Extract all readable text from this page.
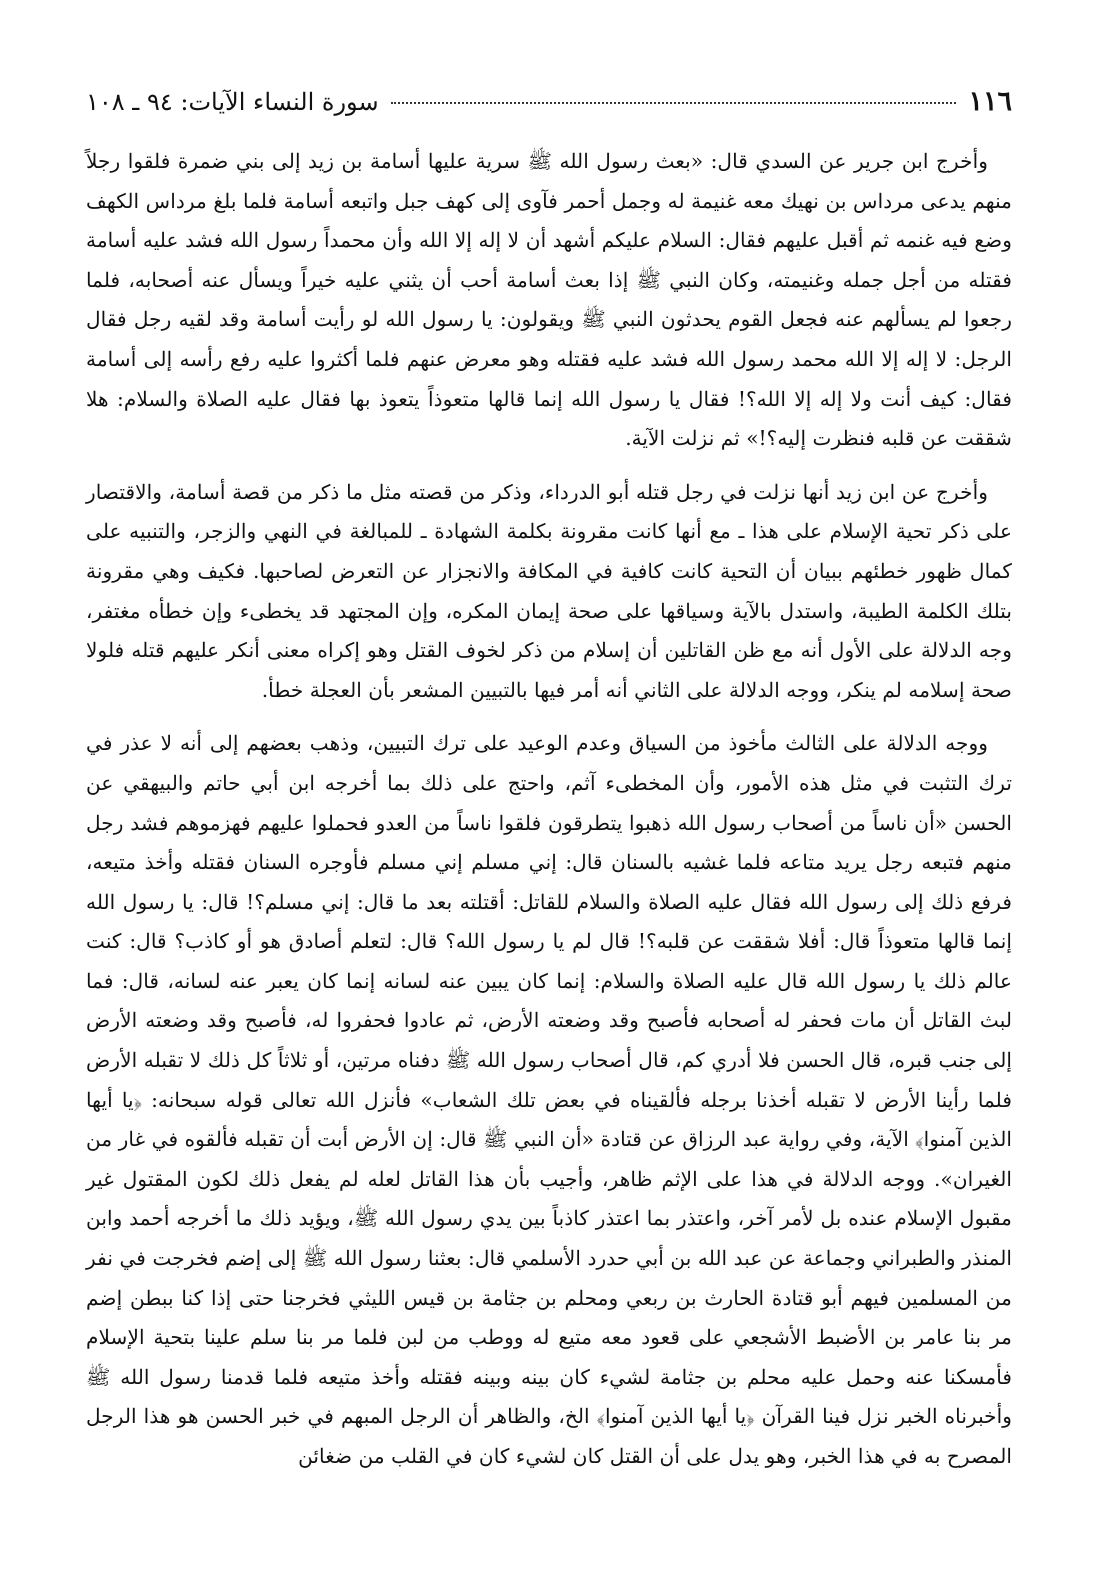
١١٦
سورة النساء الآيات: ٩٤ ـ ١٠٨

وأخرج ابن جرير عن السدي قال: «بعث رسول الله ﷺ سرية عليها أسامة بن زيد إلى بني ضمرة فلقوا رجلاً منهم يدعى مرداس بن نهيك معه غنيمة له وجمل أحمر فآوى إلى كهف جبل واتبعه أسامة فلما بلغ مرداس الكهف وضع فيه غنمه ثم أقبل عليهم فقال: السلام عليكم أشهد أن لا إله إلا الله وأن محمداً رسول الله فشد عليه أسامة فقتله من أجل جمله وغنيمته، وكان النبي ﷺ إذا بعث أسامة أحب أن يثني عليه خيراً ويسأل عنه أصحابه، فلما رجعوا لم يسألهم عنه فجعل القوم يحدثون النبي ﷺ ويقولون: يا رسول الله لو رأيت أسامة وقد لقيه رجل فقال الرجل: لا إله إلا الله محمد رسول الله فشد عليه فقتله وهو معرض عنهم فلما أكثروا عليه رفع رأسه إلى أسامة فقال: كيف أنت ولا إله إلا الله؟! فقال يا رسول الله إنما قالها متعوذاً يتعوذ بها فقال عليه الصلاة والسلام: هلا شققت عن قلبه فنظرت إليه؟!» ثم نزلت الآية.

وأخرج عن ابن زيد أنها نزلت في رجل قتله أبو الدرداء، وذكر من قصته مثل ما ذكر من قصة أسامة، والاقتصار على ذكر تحية الإسلام على هذا ـ مع أنها كانت مقرونة بكلمة الشهادة ـ للمبالغة في النهي والزجر، والتنبيه على كمال ظهور خطئهم ببيان أن التحية كانت كافية في المكافة والانجزار عن التعرض لصاحبها. فكيف وهي مقرونة بتلك الكلمة الطيبة، واستدل بالآية وسياقها على صحة إيمان المكره، وإن المجتهد قد يخطىء وإن خطأه مغتفر، وجه الدلالة على الأول أنه مع ظن القاتلين أن إسلام من ذكر لخوف القتل وهو إكراه معنى أنكر عليهم قتله فلولا صحة إسلامه لم ينكر، ووجه الدلالة على الثاني أنه أمر فيها بالتبيين المشعر بأن العجلة خطأ.

ووجه الدلالة على الثالث مأخوذ من السياق وعدم الوعيد على ترك التبيين، وذهب بعضهم إلى أنه لا عذر في ترك التثبت في مثل هذه الأمور، وأن المخطىء آثم، واحتج على ذلك بما أخرجه ابن أبي حاتم والبيهقي عن الحسن «أن ناساً من أصحاب رسول الله ذهبوا يتطرقون فلقوا ناساً من العدو فحملوا عليهم فهزموهم فشد رجل منهم فتبعه رجل يريد متاعه فلما غشيه بالسنان قال: إني مسلم إني مسلم فأوجره السنان فقتله وأخذ متيعه، فرفع ذلك إلى رسول الله فقال عليه الصلاة والسلام للقاتل: أقتلته بعد ما قال: إني مسلم؟! قال: يا رسول الله إنما قالها متعوذاً قال: أفلا شققت عن قلبه؟! قال لم يا رسول الله؟ قال: لتعلم أصادق هو أو كاذب؟ قال: كنت عالم ذلك يا رسول الله قال عليه الصلاة والسلام: إنما كان يبين عنه لسانه إنما كان يعبر عنه لسانه، قال: فما لبث القاتل أن مات فحفر له أصحابه فأصبح وقد وضعته الأرض، ثم عادوا فحفروا له، فأصبح وقد وضعته الأرض إلى جنب قبره، قال الحسن فلا أدري كم، قال أصحاب رسول الله ﷺ دفناه مرتين، أو ثلاثاً كل ذلك لا تقبله الأرض فلما رأينا الأرض لا تقبله أخذنا برجله فألقيناه في بعض تلك الشعاب» فأنزل الله تعالى قوله سبحانه: ﴿يا أيها الذين آمنوا﴾ الآية، وفي رواية عبد الرزاق عن قتادة «أن النبي ﷺ قال: إن الأرض أبت أن تقبله فألقوه في غار من الغيران». ووجه الدلالة في هذا على الإثم ظاهر، وأجيب بأن هذا القاتل لعله لم يفعل ذلك لكون المقتول غير مقبول الإسلام عنده بل لأمر آخر، واعتذر بما اعتذر كاذباً بين يدي رسول الله ﷺ، ويؤيد ذلك ما أخرجه أحمد وابن المنذر والطبراني وجماعة عن عبد الله بن أبي حدرد الأسلمي قال: بعثنا رسول الله ﷺ إلى إضم فخرجت في نفر من المسلمين فيهم أبو قتادة الحارث بن ربعي ومحلم بن جثامة بن قيس الليثي فخرجنا حتى إذا كنا ببطن إضم مر بنا عامر بن الأضبط الأشجعي على قعود معه متيع له ووطب من لبن فلما مر بنا سلم علينا بتحية الإسلام فأمسكنا عنه وحمل عليه محلم بن جثامة لشيء كان بينه وبينه فقتله وأخذ متيعه فلما قدمنا رسول الله ﷺ وأخبرناه الخبر نزل فينا القرآن ﴿يا أيها الذين آمنوا﴾ الخ، والظاهر أن الرجل المبهم في خبر الحسن هو هذا الرجل المصرح به في هذا الخبر، وهو يدل على أن القتل كان لشيء كان في القلب من ضغائن
